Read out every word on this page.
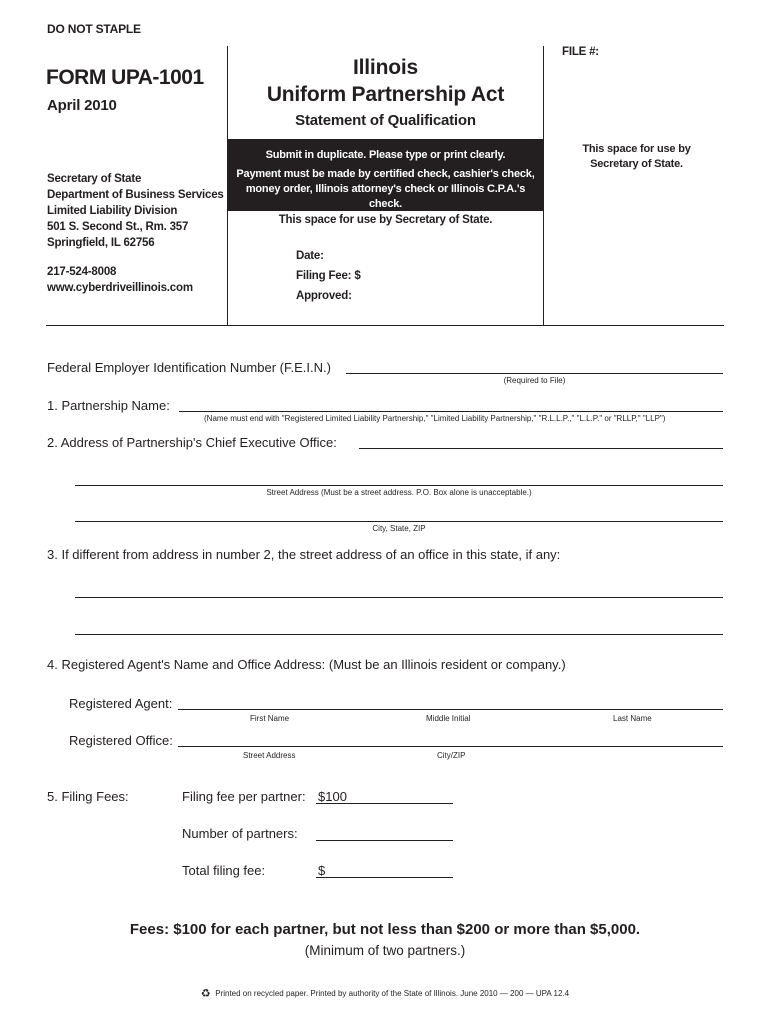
DO NOT STAPLE
FORM UPA-1001
April 2010
Secretary of State
Department of Business Services
Limited Liability Division
501 S. Second St., Rm. 357
Springfield, IL 62756
217-524-8008
www.cyberdriveillinois.com
Illinois
Uniform Partnership Act
Statement of Qualification
Submit in duplicate. Please type or print clearly.
Payment must be made by certified check, cashier's check,
money order, Illinois attorney's check or Illinois C.P.A.'s check.
This space for use by Secretary of State.
Date:
Filing Fee: $
Approved:
FILE #:
This space for use by Secretary of State.
Federal Employer Identification Number (F.E.I.N.)
(Required to File)
1. Partnership Name:
(Name must end with "Registered Limited Liability Partnership," "Limited Liability Partnership," "R.L.L.P.," "L.L.P." or "RLLP," "LLP")
2. Address of Partnership's Chief Executive Office:
Street Address (Must be a street address. P.O. Box alone is unacceptable.)
City, State, ZIP
3. If different from address in number 2, the street address of an office in this state, if any:
4. Registered Agent's Name and Office Address: (Must be an Illinois resident or company.)
Registered Agent:
First Name	Middle Initial	Last Name
Registered Office:
Street Address	City/ZIP
5. Filing Fees:	Filing fee per partner: $100
Number of partners:
Total filing fee:	$
Fees: $100 for each partner, but not less than $200 or more than $5,000.
(Minimum of two partners.)
♻ Printed on recycled paper. Printed by authority of the State of Illinois. June 2010 — 200 — UPA 12.4
